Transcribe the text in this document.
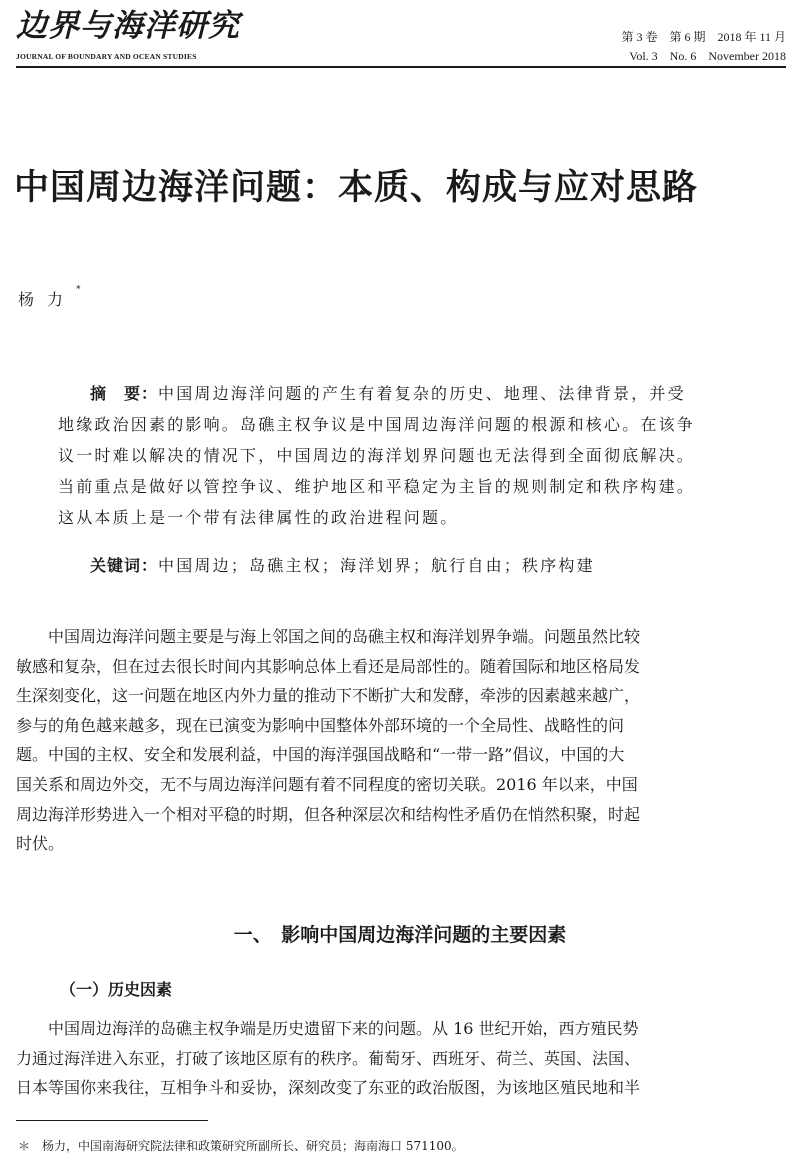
边界与海洋研究
JOURNAL OF BOUNDARY AND OCEAN STUDIES
第 3 卷　第 6 期　2018 年 11 月
Vol. 3　No. 6　November 2018
中国周边海洋问题：本质、构成与应对思路
杨力*
摘　要：中国周边海洋问题的产生有着复杂的历史、地理、法律背景，并受
地缘政治因素的影响。岛礁主权争议是中国周边海洋问题的根源和核心。在该争
议一时难以解决的情况下，中国周边的海洋划界问题也无法得到全面彻底解决。
当前重点是做好以管控争议、维护地区和平稳定为主旨的规则制定和秩序构建。
这从本质上是一个带有法律属性的政治进程问题。
关键词：中国周边；岛礁主权；海洋划界；航行自由；秩序构建
　　中国周边海洋问题主要是与海上邻国之间的岛礁主权和海洋划界争端。问题虽然比较
敏感和复杂，但在过去很长时间内其影响总体上看还是局部性的。随着国际和地区格局发
生深刻变化，这一问题在地区内外力量的推动下不断扩大和发酵，牵涉的因素越来越广，
参与的角色越来越多，现在已演变为影响中国整体外部环境的一个全局性、战略性的问
题。中国的主权、安全和发展利益，中国的海洋强国战略和“一带一路”倡议，中国的大
国关系和周边外交，无不与周边海洋问题有着不同程度的密切关联。2016 年以来，中国
周边海洋形势进入一个相对平稳的时期，但各种深层次和结构性矛盾仍在悄然积聚，时起
时伏。
一、　影响中国周边海洋问题的主要因素
（一）历史因素
　　中国周边海洋的岛礁主权争端是历史遗留下来的问题。从 16 世纪开始，西方殖民势
力通过海洋进入东亚，打破了该地区原有的秩序。葡萄牙、西班牙、荷兰、英国、法国、
日本等国你来我往，互相争斗和妥协，深刻改变了东亚的政治版图，为该地区殖民地和半
＊　杨力，中国南海研究院法律和政策研究所副所长、研究员；海南海口 571100。
